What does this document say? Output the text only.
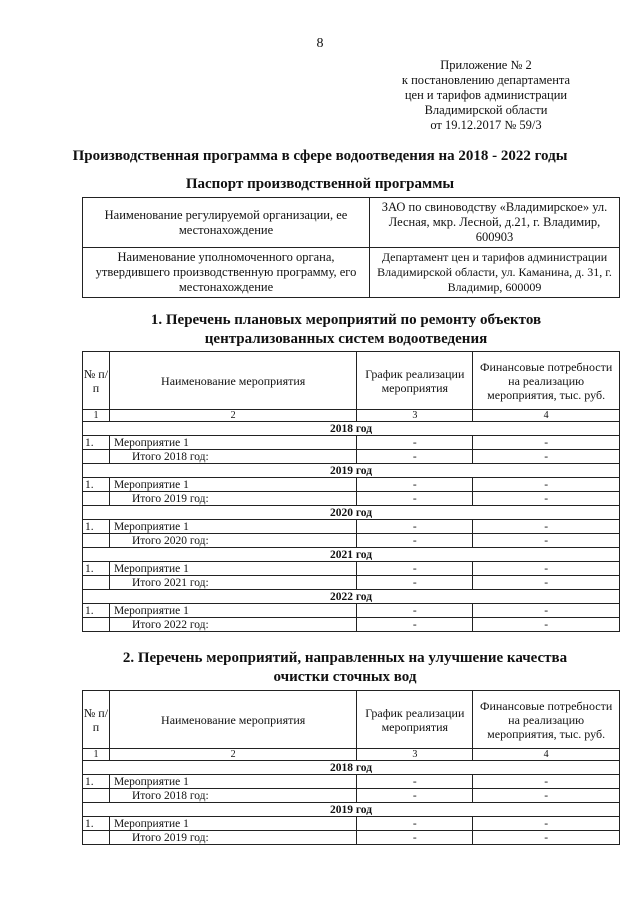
8
Приложение № 2
к постановлению департамента
цен и тарифов администрации
Владимирской области
от 19.12.2017 № 59/3
Производственная программа в сфере водоотведения на 2018 - 2022 годы
Паспорт производственной программы
Наименование регулируемой организации, ее местонахождение	ЗАО по свиноводству «Владимирское» ул. Лесная, мкр. Лесной, д.21, г. Владимир, 600903
Наименование уполномоченного органа, утвердившего производственную программу, его местонахождение	Департамент цен и тарифов администрации Владимирской области, ул. Каманина, д. 31, г. Владимир, 600009
1. Перечень плановых мероприятий по ремонту объектов централизованных систем водоотведения
№ п/п	Наименование мероприятия	График реализации мероприятия	Финансовые потребности на реализацию мероприятия, тыс. руб.
1	2	3	4
2018 год			
1.	Мероприятие 1	-	-
	Итого 2018 год:	-	-
2019 год			
1.	Мероприятие 1	-	-
	Итого 2019 год:	-	-
2020 год			
1.	Мероприятие 1	-	-
	Итого 2020 год:	-	-
2021 год			
1.	Мероприятие 1	-	-
	Итого 2021 год:	-	-
2022 год			
1.	Мероприятие 1	-	-
	Итого 2022 год:	-	-
2. Перечень мероприятий, направленных на улучшение качества очистки сточных вод
№ п/п	Наименование мероприятия	График реализации мероприятия	Финансовые потребности на реализацию мероприятия, тыс. руб.
1	2	3	4
2018 год			
1.	Мероприятие 1	-	-
	Итого 2018 год:	-	-
2019 год			
1.	Мероприятие 1	-	-
	Итого 2019 год:	-	-
